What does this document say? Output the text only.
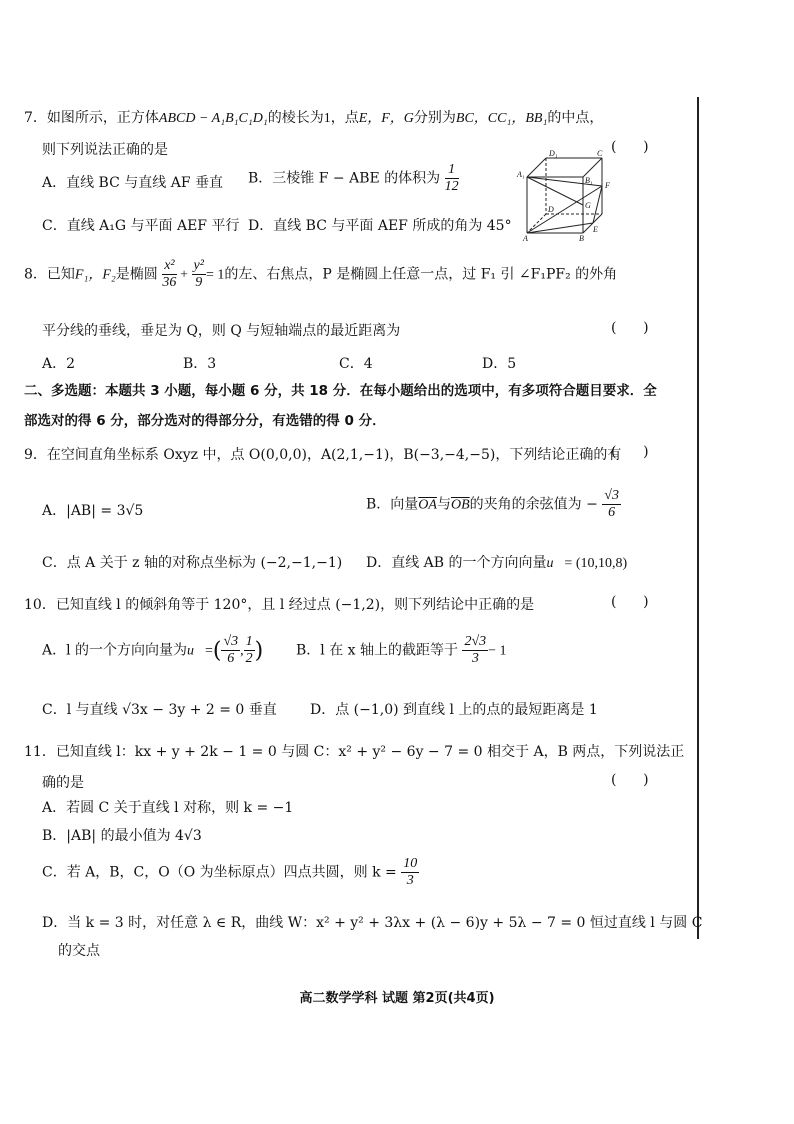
7．如图所示，正方体ABCD − A₁B₁C₁D₁的棱长为1，点E，F，G分别为BC，CC₁，BB₁的中点，
则下列说法正确的是	(      )
A．直线 BC 与直线 AF 垂直 B．三棱锥 F − ABE 的体积为 $\frac{1}{12}$
C．直线 A₁G 与平面 AEF 平行 D．直线 BC 与平面 AEF 所成的角为 45°
D₁	C
A₁
B₁
F
G
D
A	B
E
8．已知F₁，F₂是椭圆 $\frac{\text{x²}}{36} + \frac{\text{y²}}{9} = 1$的左、右焦点，P 是椭圆上任意一点，过 F₁ 引 ∠F₁PF₂ 的外角
平分线的垂线，垂足为 Q，则 Q 与短轴端点的最近距离为	(      )
A．2	B．3	C．4	D．5
二、多选题：本题共 3 小题，每小题 6 分，共 18 分．在每小题给出的选项中，有多项符合题目要求．全
部选对的得 6 分，部分选对的得部分分，有选错的得 0 分．
9．在空间直角坐标系 Oxyz 中，点 O(0,0,0)，A(2,1,−1)，B(−3,−4,−5)，下列结论正确的有
(      )
A．|AB| = 3√5	B．向量$\overline{OA}$与$\overline{OB}$的夹角的余弦值为 − $\frac{√3}{6}$
C．点 A 关于 z 轴的对称点坐标为 (−2,−1,−1) D．直线 AB 的一个方向向量u⃗= (10,10,8)
10．已知直线 l 的倾斜角等于 120°，且 l 经过点 (−1,2)，则下列结论中正确的是	(      )
A．l 的一个方向向量为u⃗=( $\frac{√3}{6}$ , $\frac{1}{2}$ ) B．l 在 x 轴上的截距等于 $\frac{2√3}{3} - 1$
C．l 与直线 √3x − 3y + 2 = 0 垂直 D．点 (−1,0) 到直线 l 上的点的最短距离是 1
11．已知直线 l：kx + y + 2k − 1 = 0 与圆 C：x² + y² − 6y − 7 = 0 相交于 A，B 两点，下列说法正
确的是	(      )
A．若圆 C 关于直线 l 对称，则 k = −1
B．|AB| 的最小值为 4√3
C．若 A，B，C，O（O 为坐标原点）四点共圆，则 $k = \frac{10}{3}$
D．当 k = 3 时，对任意 λ ∈ R，曲线 W：x² + y² + 3λx + (λ − 6)y + 5λ − 7 = 0 恒过直线 l 与圆 C
的交点
高二数学学科 试题 第2页(共4页)
